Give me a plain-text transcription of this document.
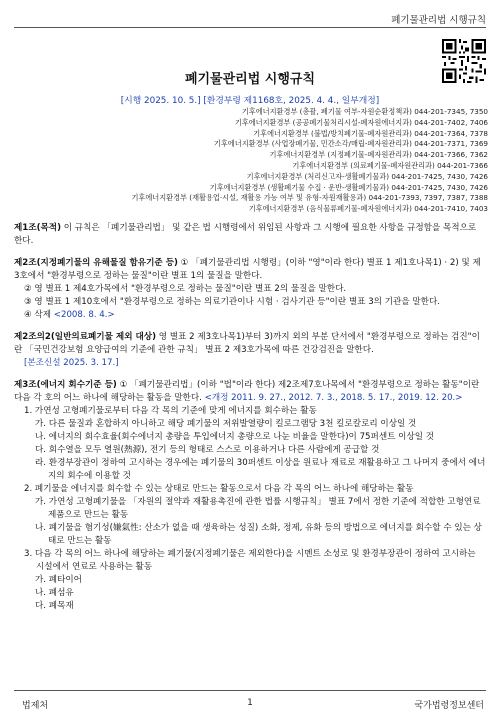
폐기물관리법 시행규칙
폐기물관리법 시행규칙
[시행 2025. 10. 5.] [환경부령 제1168호, 2025. 4. 4., 일부개정]
기후에너지환경부 (총괄, 폐기물 여부-자원순환정책과) 044-201-7345, 7350
기후에너지환경부 (공공폐기물처리시설-폐자원에너지과) 044-201-7402, 7406
기후에너지환경부 (불법/방치폐기물-폐자원관리과) 044-201-7364, 7378
기후에너지환경부 (사업장폐기물, 민간소각/매립-폐자원관리과) 044-201-7371, 7369
기후에너지환경부 (지정폐기물-폐자원관리과) 044-201-7366, 7362
기후에너지환경부 (의료폐기물-폐자원관리과) 044-201-7366
기후에너지환경부 (처리신고자-생활폐기물과) 044-201-7425, 7430, 7426
기후에너지환경부 (생활폐기물 수집 · 운반-생활폐기물과) 044-201-7425, 7430, 7426
기후에너지환경부 (재활용업·시설, 재활용 가능 여부 및 유형-자원재활용과) 044-201-7393, 7397, 7387, 7388
기후에너지환경부 (음식물류폐기물-폐자원에너지과) 044-201-7410, 7403
제1조(목적) 이 규칙은 「폐기물관리법」 및 같은 법 시행령에서 위임된 사항과 그 시행에 필요한 사항을 규정함을 목적으로 한다.
제2조(지정폐기물의 유해물질 함유기준 등) ① 「폐기물관리법 시행령」(이하 "영"이라 한다) 별표 1 제1호나목1) · 2) 및 제3호에서 "환경부령으로 정하는 물질"이란 별표 1의 물질을 말한다.
② 영 별표 1 제4호가목에서 "환경부령으로 정하는 물질"이란 별표 2의 물질을 말한다.
③ 영 별표 1 제10호에서 "환경부령으로 정하는 의료기관이나 시험 · 검사기관 등"이란 별표 3의 기관을 말한다.
④ 삭제 <2008. 8. 4.>
제2조의2(일반의료폐기물 제외 대상) 영 별표 2 제3호나목1)부터 3)까지 외의 부분 단서에서 "환경부령으로 정하는 검진"이란 「국민건강보험 요양급여의 기준에 관한 규칙」 별표 2 제3호가목에 따른 건강검진을 말한다.
[본조신설 2025. 3. 17.]
제3조(에너지 회수기준 등) ① 「폐기물관리법」(이하 "법"이라 한다) 제2조제7호나목에서 "환경부령으로 정하는 활동"이란 다음 각 호의 어느 하나에 해당하는 활동을 말한다. <개정 2011. 9. 27., 2012. 7. 3., 2018. 5. 17., 2019. 12. 20.>
1. 가연성 고형폐기물로부터 다음 각 목의 기준에 맞게 에너지를 회수하는 활동
가. 다른 물질과 혼합하지 아니하고 해당 폐기물의 저위발열량이 킬로그램당 3천 킬로칼로리 이상일 것
나. 에너지의 회수효율(회수에너지 총량을 투입에너지 총량으로 나눈 비율을 말한다)이 75퍼센트 이상일 것
다. 회수열을 모두 열원(熱源), 전기 등의 형태로 스스로 이용하거나 다른 사람에게 공급할 것
라. 환경부장관이 정하여 고시하는 경우에는 폐기물의 30퍼센트 이상을 원료나 재료로 재활용하고 그 나머지 중에서 에너지의 회수에 이용할 것
2. 폐기물을 에너지를 회수할 수 있는 상태로 만드는 활동으로서 다음 각 목의 어느 하나에 해당하는 활동
가. 가연성 고형폐기물을 「자원의 절약과 재활용촉진에 관한 법률 시행규칙」 별표 7에서 정한 기준에 적합한 고형연료제품으로 만드는 활동
나. 폐기물을 혐기성(嫌氣性: 산소가 없을 때 생육하는 성질) 소화, 정제, 유화 등의 방법으로 에너지를 회수할 수 있는 상태로 만드는 활동
3. 다음 각 목의 어느 하나에 해당하는 폐기물(지정폐기물은 제외한다)을 시멘트 소성로 및 환경부장관이 정하여 고시하는 시설에서 연료로 사용하는 활동
가. 폐타이어
나. 폐섬유
다. 폐목재
법제처	1	국가법령정보센터
